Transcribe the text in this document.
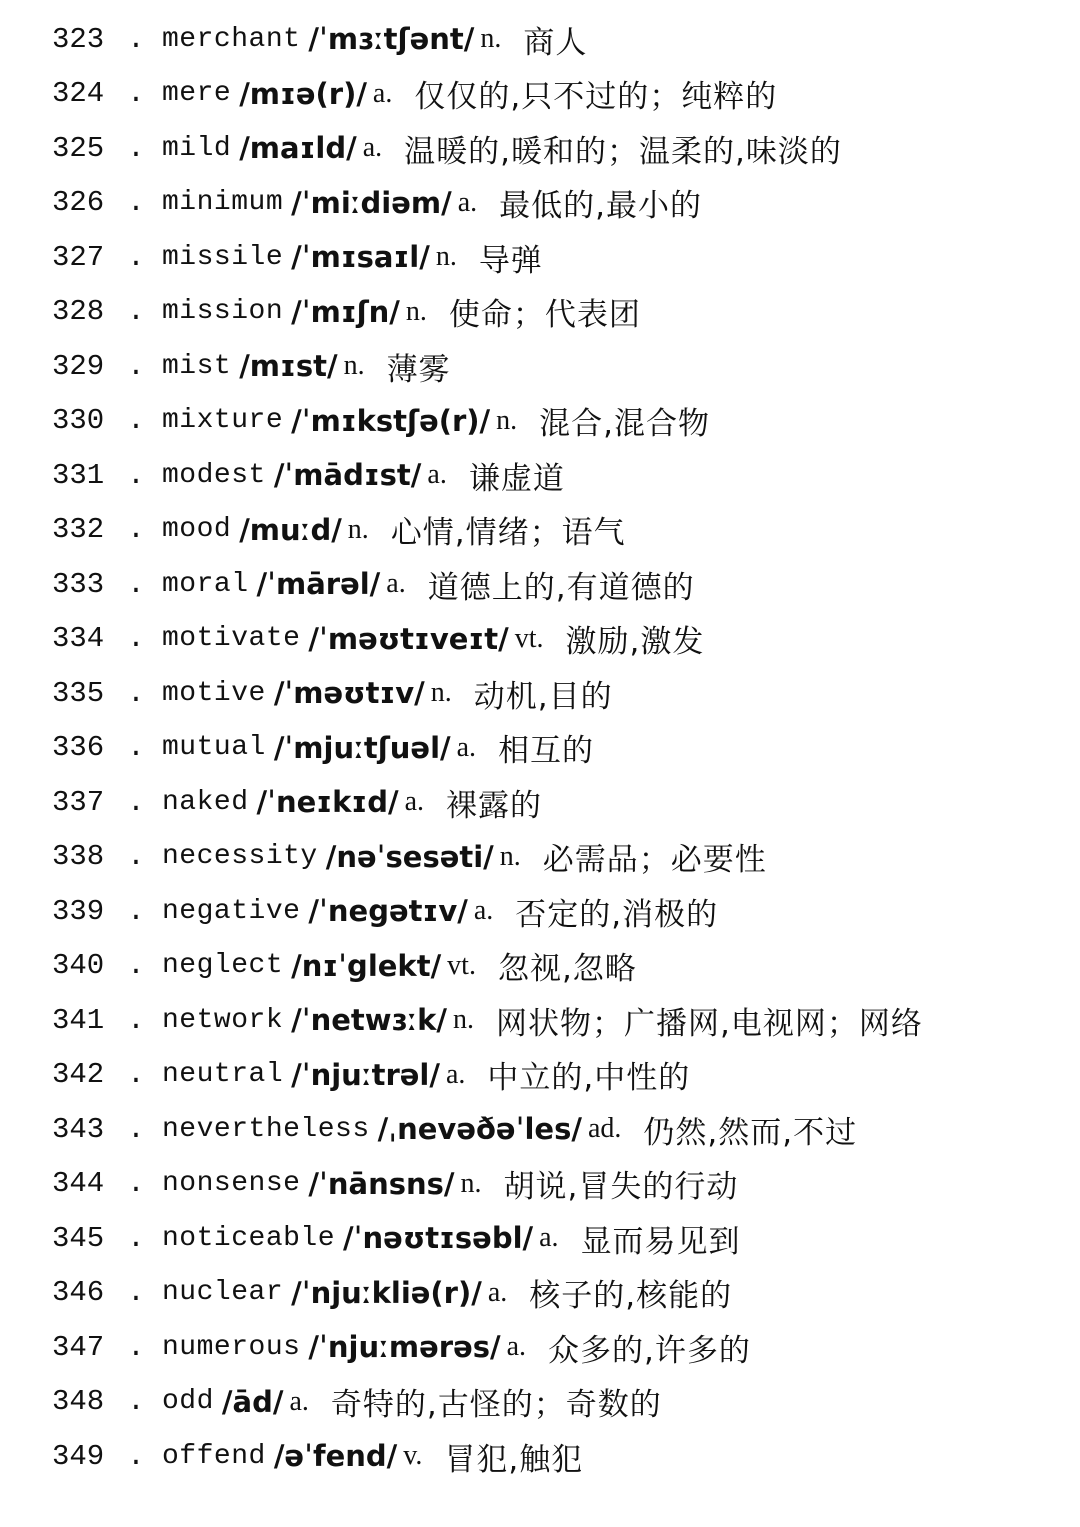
323 . merchant /ˈmɜːtʃənt/ n. 商人
324 . mere /mɪə(r)/ a. 仅仅的,只不过的；纯粹的
325 . mild /maɪld/ a. 温暖的,暖和的；温柔的,味淡的
326 . minimum /ˈmiːdiəm/ a. 最低的,最小的
327 . missile /ˈmɪsaɪl/ n. 导弹
328 . mission /ˈmɪʃn/ n. 使命；代表团
329 . mist /mɪst/ n. 薄雾
330 . mixture /ˈmɪkstʃə(r)/ n. 混合,混合物
331 . modest /ˈmādɪst/ a. 谦虚道
332 . mood /muːd/ n. 心情,情绪；语气
333 . moral /ˈmārəl/ a. 道德上的,有道德的
334 . motivate /ˈməʊtɪveɪt/ vt. 激励,激发
335 . motive /ˈməʊtɪv/ n. 动机,目的
336 . mutual /ˈmjuːtʃuəl/ a. 相互的
337 . naked /ˈneɪkɪd/ a. 裸露的
338 . necessity /nəˈsesəti/ n. 必需品；必要性
339 . negative /ˈnegətɪv/ a. 否定的,消极的
340 . neglect /nɪˈglekt/ vt. 忽视,忽略
341 . network /ˈnetwɜːk/ n. 网状物；广播网,电视网；网络
342 . neutral /ˈnjuːtrəl/ a. 中立的,中性的
343 . nevertheless /ˌnevəðəˈles/ ad. 仍然,然而,不过
344 . nonsense /ˈnānsns/ n. 胡说,冒失的行动
345 . noticeable /ˈnəʊtɪsəbl/ a. 显而易见到
346 . nuclear /ˈnjuːkliə(r)/ a. 核子的,核能的
347 . numerous /ˈnjuːmərəs/ a. 众多的,许多的
348 . odd /ād/ a. 奇特的,古怪的；奇数的
349 . offend /əˈfend/ v. 冒犯,触犯
